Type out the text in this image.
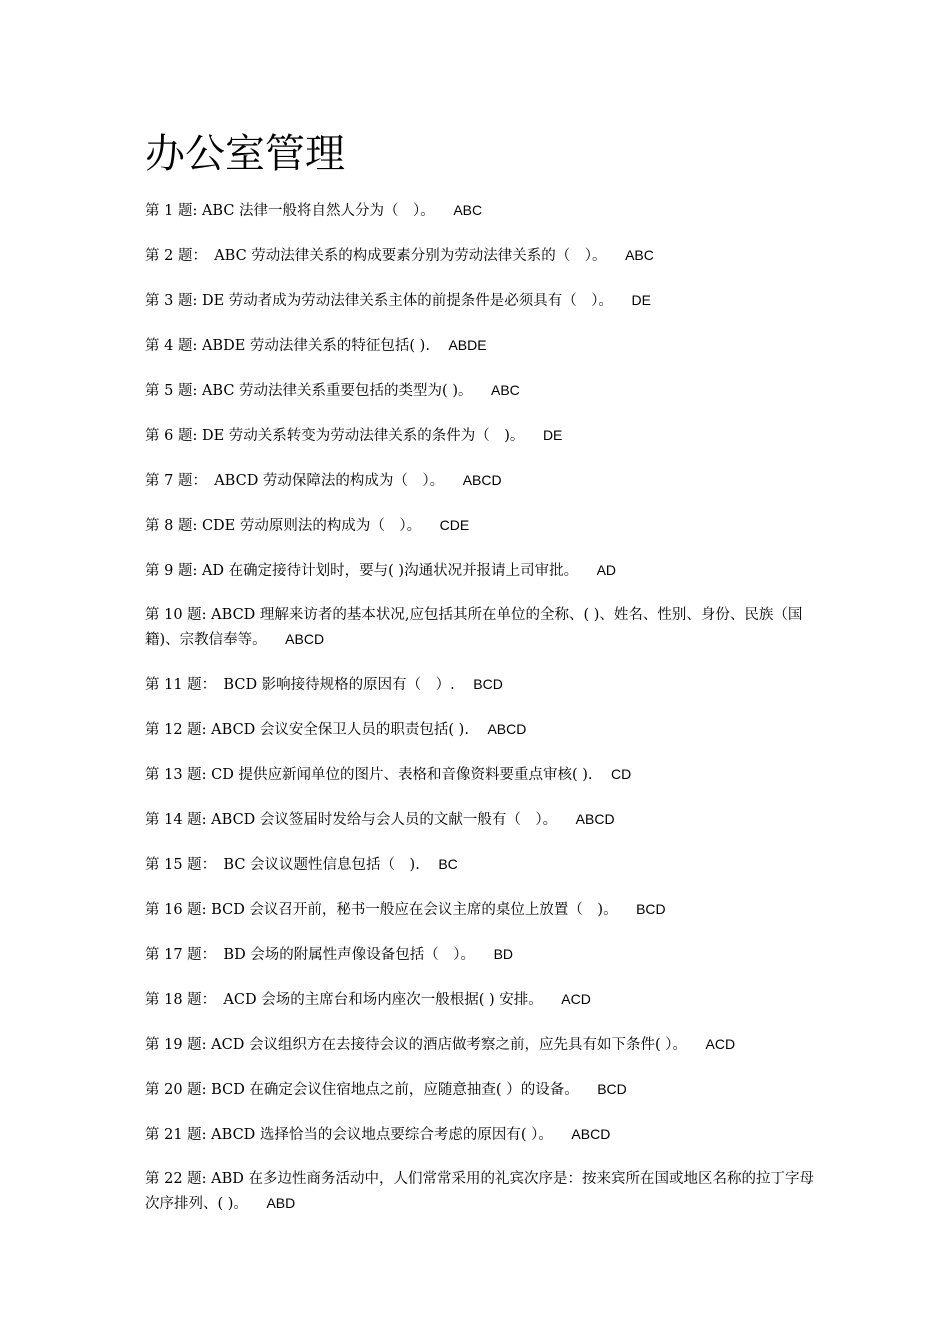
办公室管理
第 1 题: ABC 法律一般将自然人分为（　）。  ABC
第 2 题：　ABC 劳动法律关系的构成要素分别为劳动法律关系的（　）。  ABC
第 3 题: DE 劳动者成为劳动法律关系主体的前提条件是必须具有（　）。  DE
第 4 题: ABDE 劳动法律关系的特征包括( ).  ABDE
第 5 题: ABC 劳动法律关系重要包括的类型为( )。  ABC
第 6 题: DE 劳动关系转变为劳动法律关系的条件为（　)。  DE
第 7 题：　ABCD 劳动保障法的构成为（　）。  ABCD
第 8 题: CDE 劳动原则法的构成为（　）。  CDE
第 9 题: AD 在确定接待计划时，要与( )沟通状况并报请上司审批。  AD
第 10 题: ABCD 理解来访者的基本状况,应包括其所在单位的全称、( )、姓名、性别、身份、民族（国籍)、宗教信奉等。  ABCD
第 11 题：　BCD 影响接待规格的原因有（　）.  BCD
第 12 题: ABCD 会议安全保卫人员的职责包括( ).  ABCD
第 13 题: CD 提供应新闻单位的图片、表格和音像资料要重点审核( ).  CD
第 14 题: ABCD 会议签届时发给与会人员的文献一般有（　）。  ABCD
第 15 题：　BC 会议议题性信息包括（　).  BC
第 16 题: BCD 会议召开前，秘书一般应在会议主席的桌位上放置（　)。  BCD
第 17 题：　BD 会场的附属性声像设备包括（　）。  BD
第 18 题：　ACD 会场的主席台和场内座次一般根据( ) 安排。  ACD
第 19 题: ACD 会议组织方在去接待会议的酒店做考察之前，应先具有如下条件( ）。  ACD
第 20 题: BCD 在确定会议住宿地点之前，应随意抽查( ）的设备。  BCD
第 21 题: ABCD 选择恰当的会议地点要综合考虑的原因有( ）。  ABCD
第 22 题: ABD 在多边性商务活动中，人们常常采用的礼宾次序是：按来宾所在国或地区名称的拉丁字母次序排列、( )。  ABD
